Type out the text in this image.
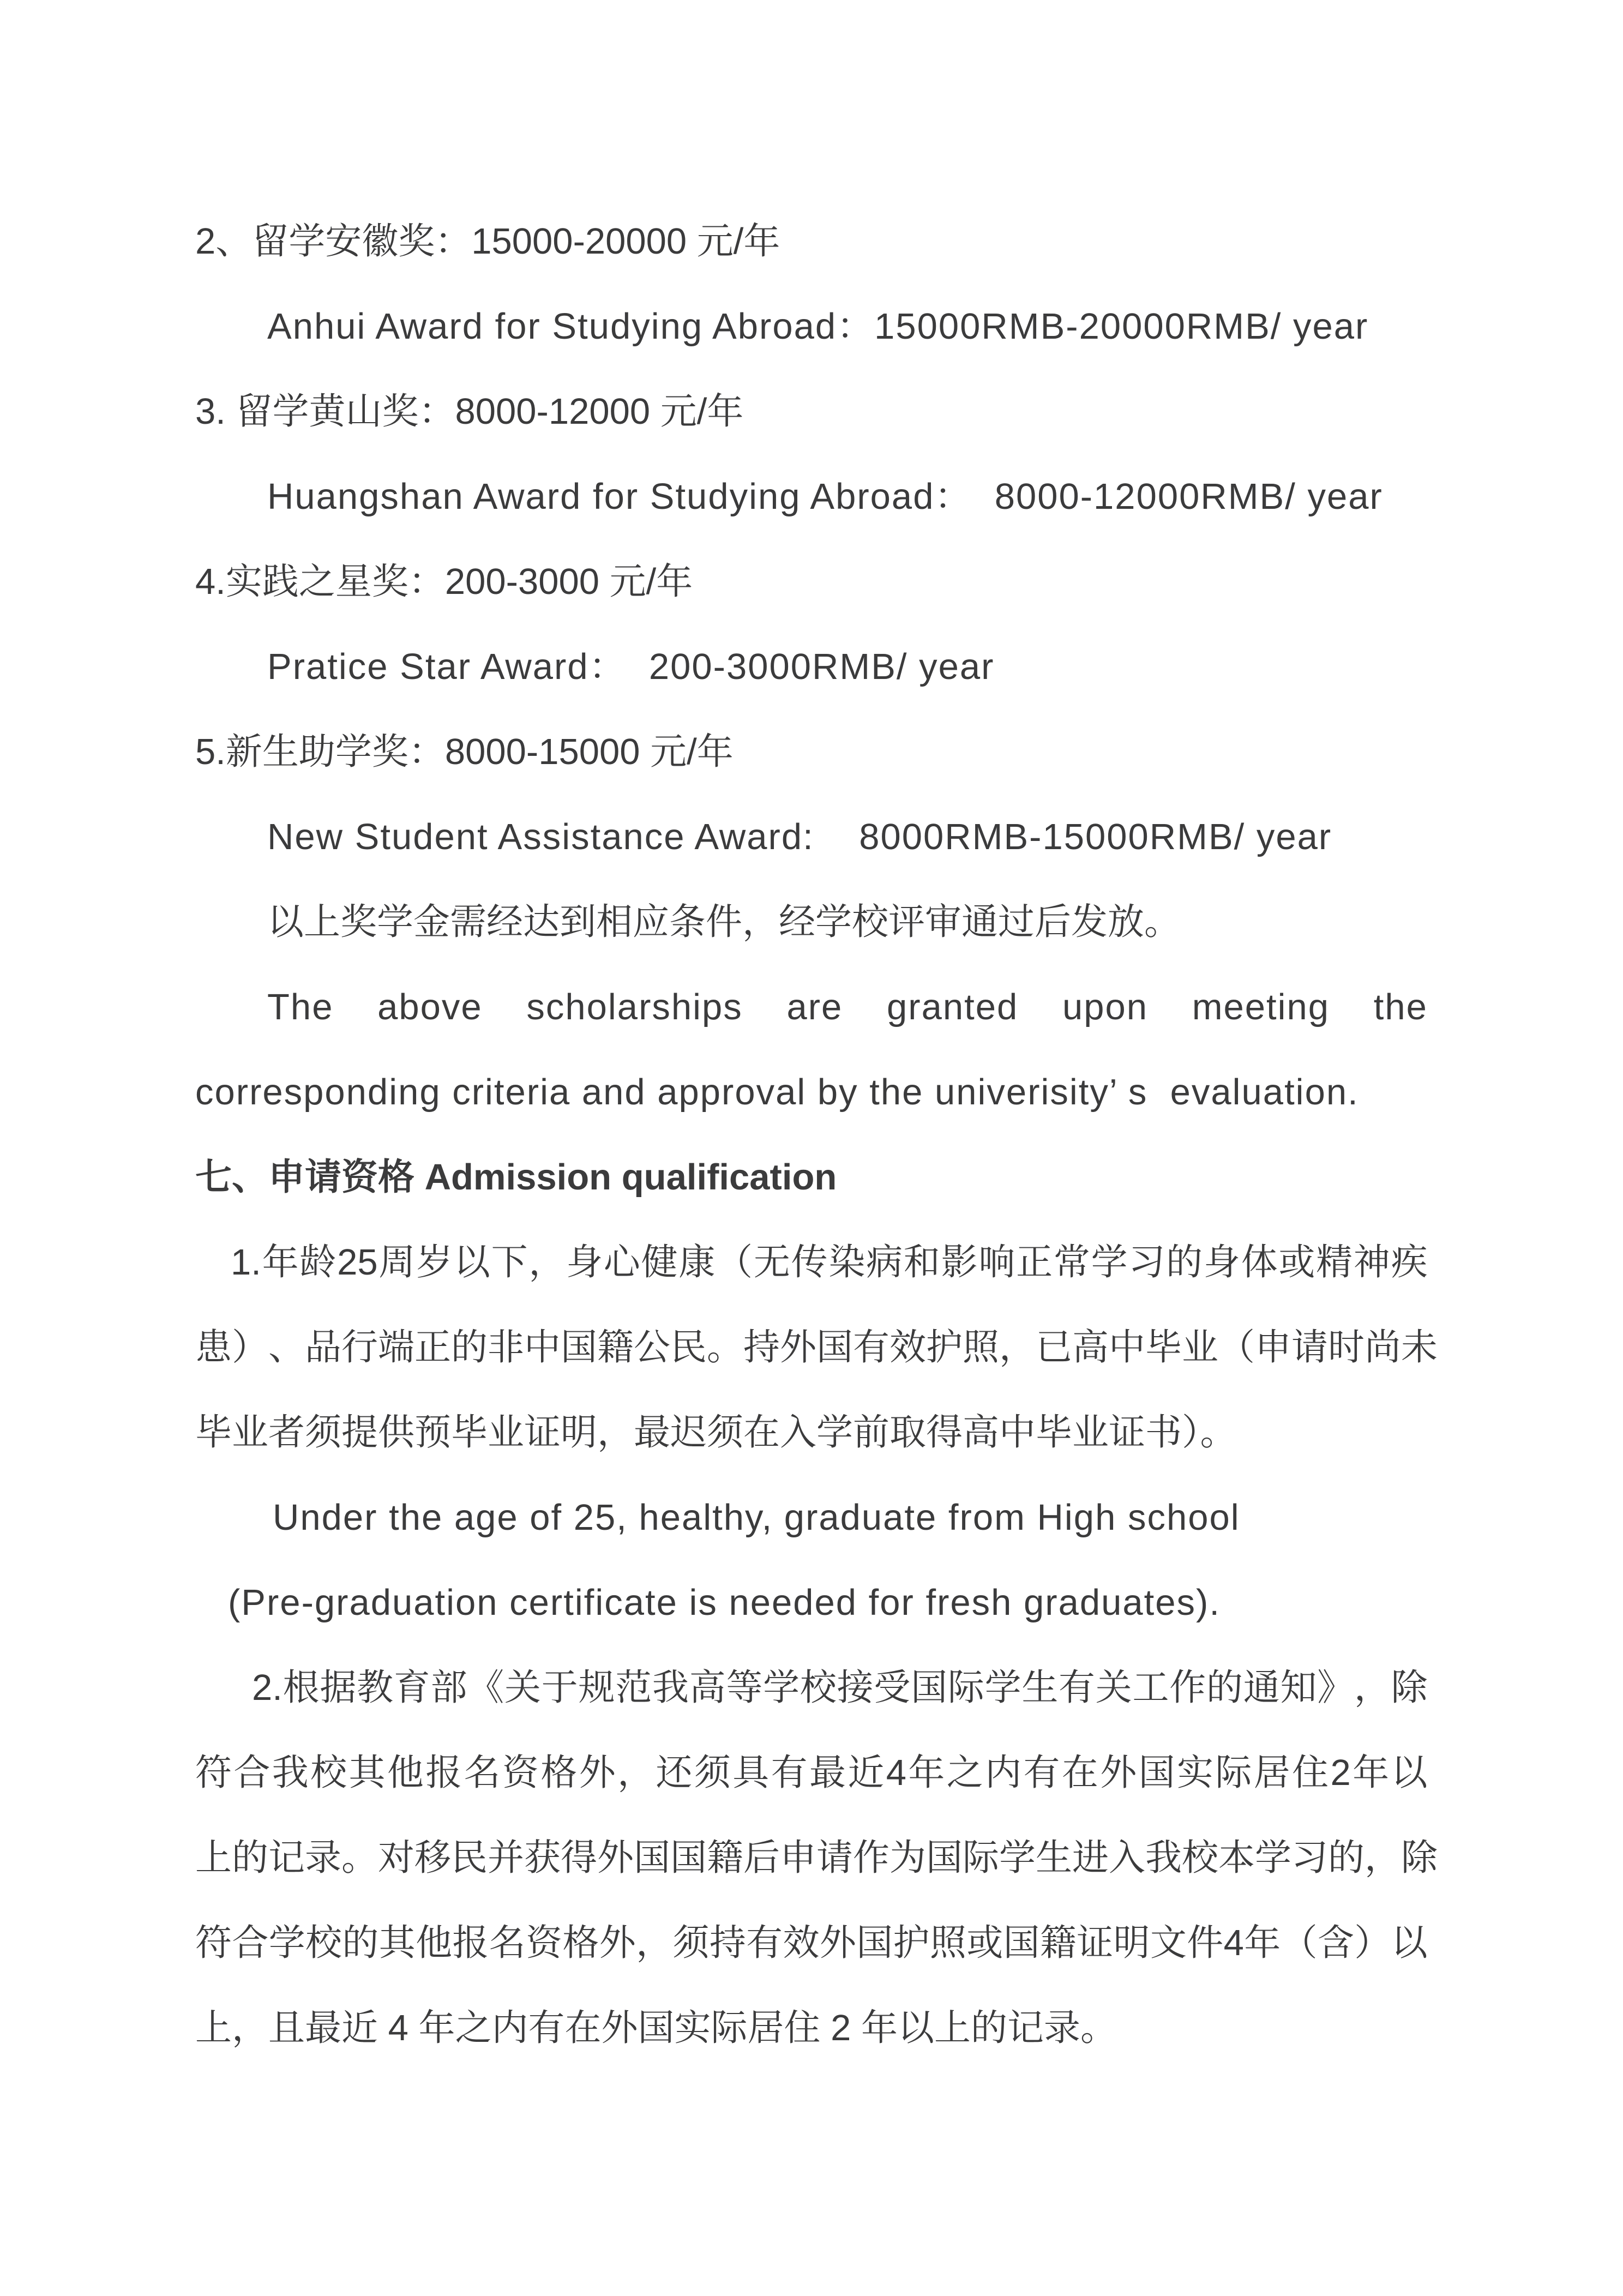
2、留学安徽奖：15000-20000 元/年
Anhui Award for Studying Abroad：15000RMB-20000RMB/ year
3. 留学黄山奖：8000-12000 元/年
Huangshan Award for Studying Abroad：  8000-12000RMB/ year
4.实践之星奖：200-3000 元/年
Pratice Star Award：  200-3000RMB/ year
5.新生助学奖：8000-15000 元/年
New Student Assistance Award:    8000RMB-15000RMB/ year
以上奖学金需经达到相应条件，经学校评审通过后发放。
The above scholarships are granted upon meeting the
corresponding criteria and approval by the univerisity’ s  evaluation.
七、申请资格 Admission qualification
1. 年 龄 25 周 岁 以 下 ， 身 心 健 康 （ 无 传 染 病 和 影 响 正 常 学 习 的 身 体 或 精 神 疾
患 ） 、 品 行 端 正 的 非 中 国 籍 公 民 。 持 外 国 有 效 护 照 ， 已 高 中 毕 业 （ 申 请 时 尚 未
毕业者须提供预毕业证明，最迟须在入学前取得高中毕业证书）。
Under the age of 25, healthy, graduate from High school
(Pre-graduation certificate is needed for fresh graduates).
2. 根 据 教 育 部 《 关 于 规 范 我 高 等 学 校 接 受 国 际 学 生 有 关 工 作 的 通 知 》 ， 除
符 合 我 校 其 他 报 名 资 格 外 ， 还 须 具 有 最 近 4 年 之 内 有 在 外 国 实 际 居 住 2 年 以
上 的 记 录 。 对 移 民 并 获 得 外 国 国 籍 后 申 请 作 为 国 际 学 生 进 入 我 校 本 学 习 的 ， 除
符 合 学 校 的 其 他 报 名 资 格 外 ， 须 持 有 效 外 国 护 照 或 国 籍 证 明 文 件 4 年 （ 含 ） 以
上，且最近 4 年之内有在外国实际居住 2 年以上的记录。
